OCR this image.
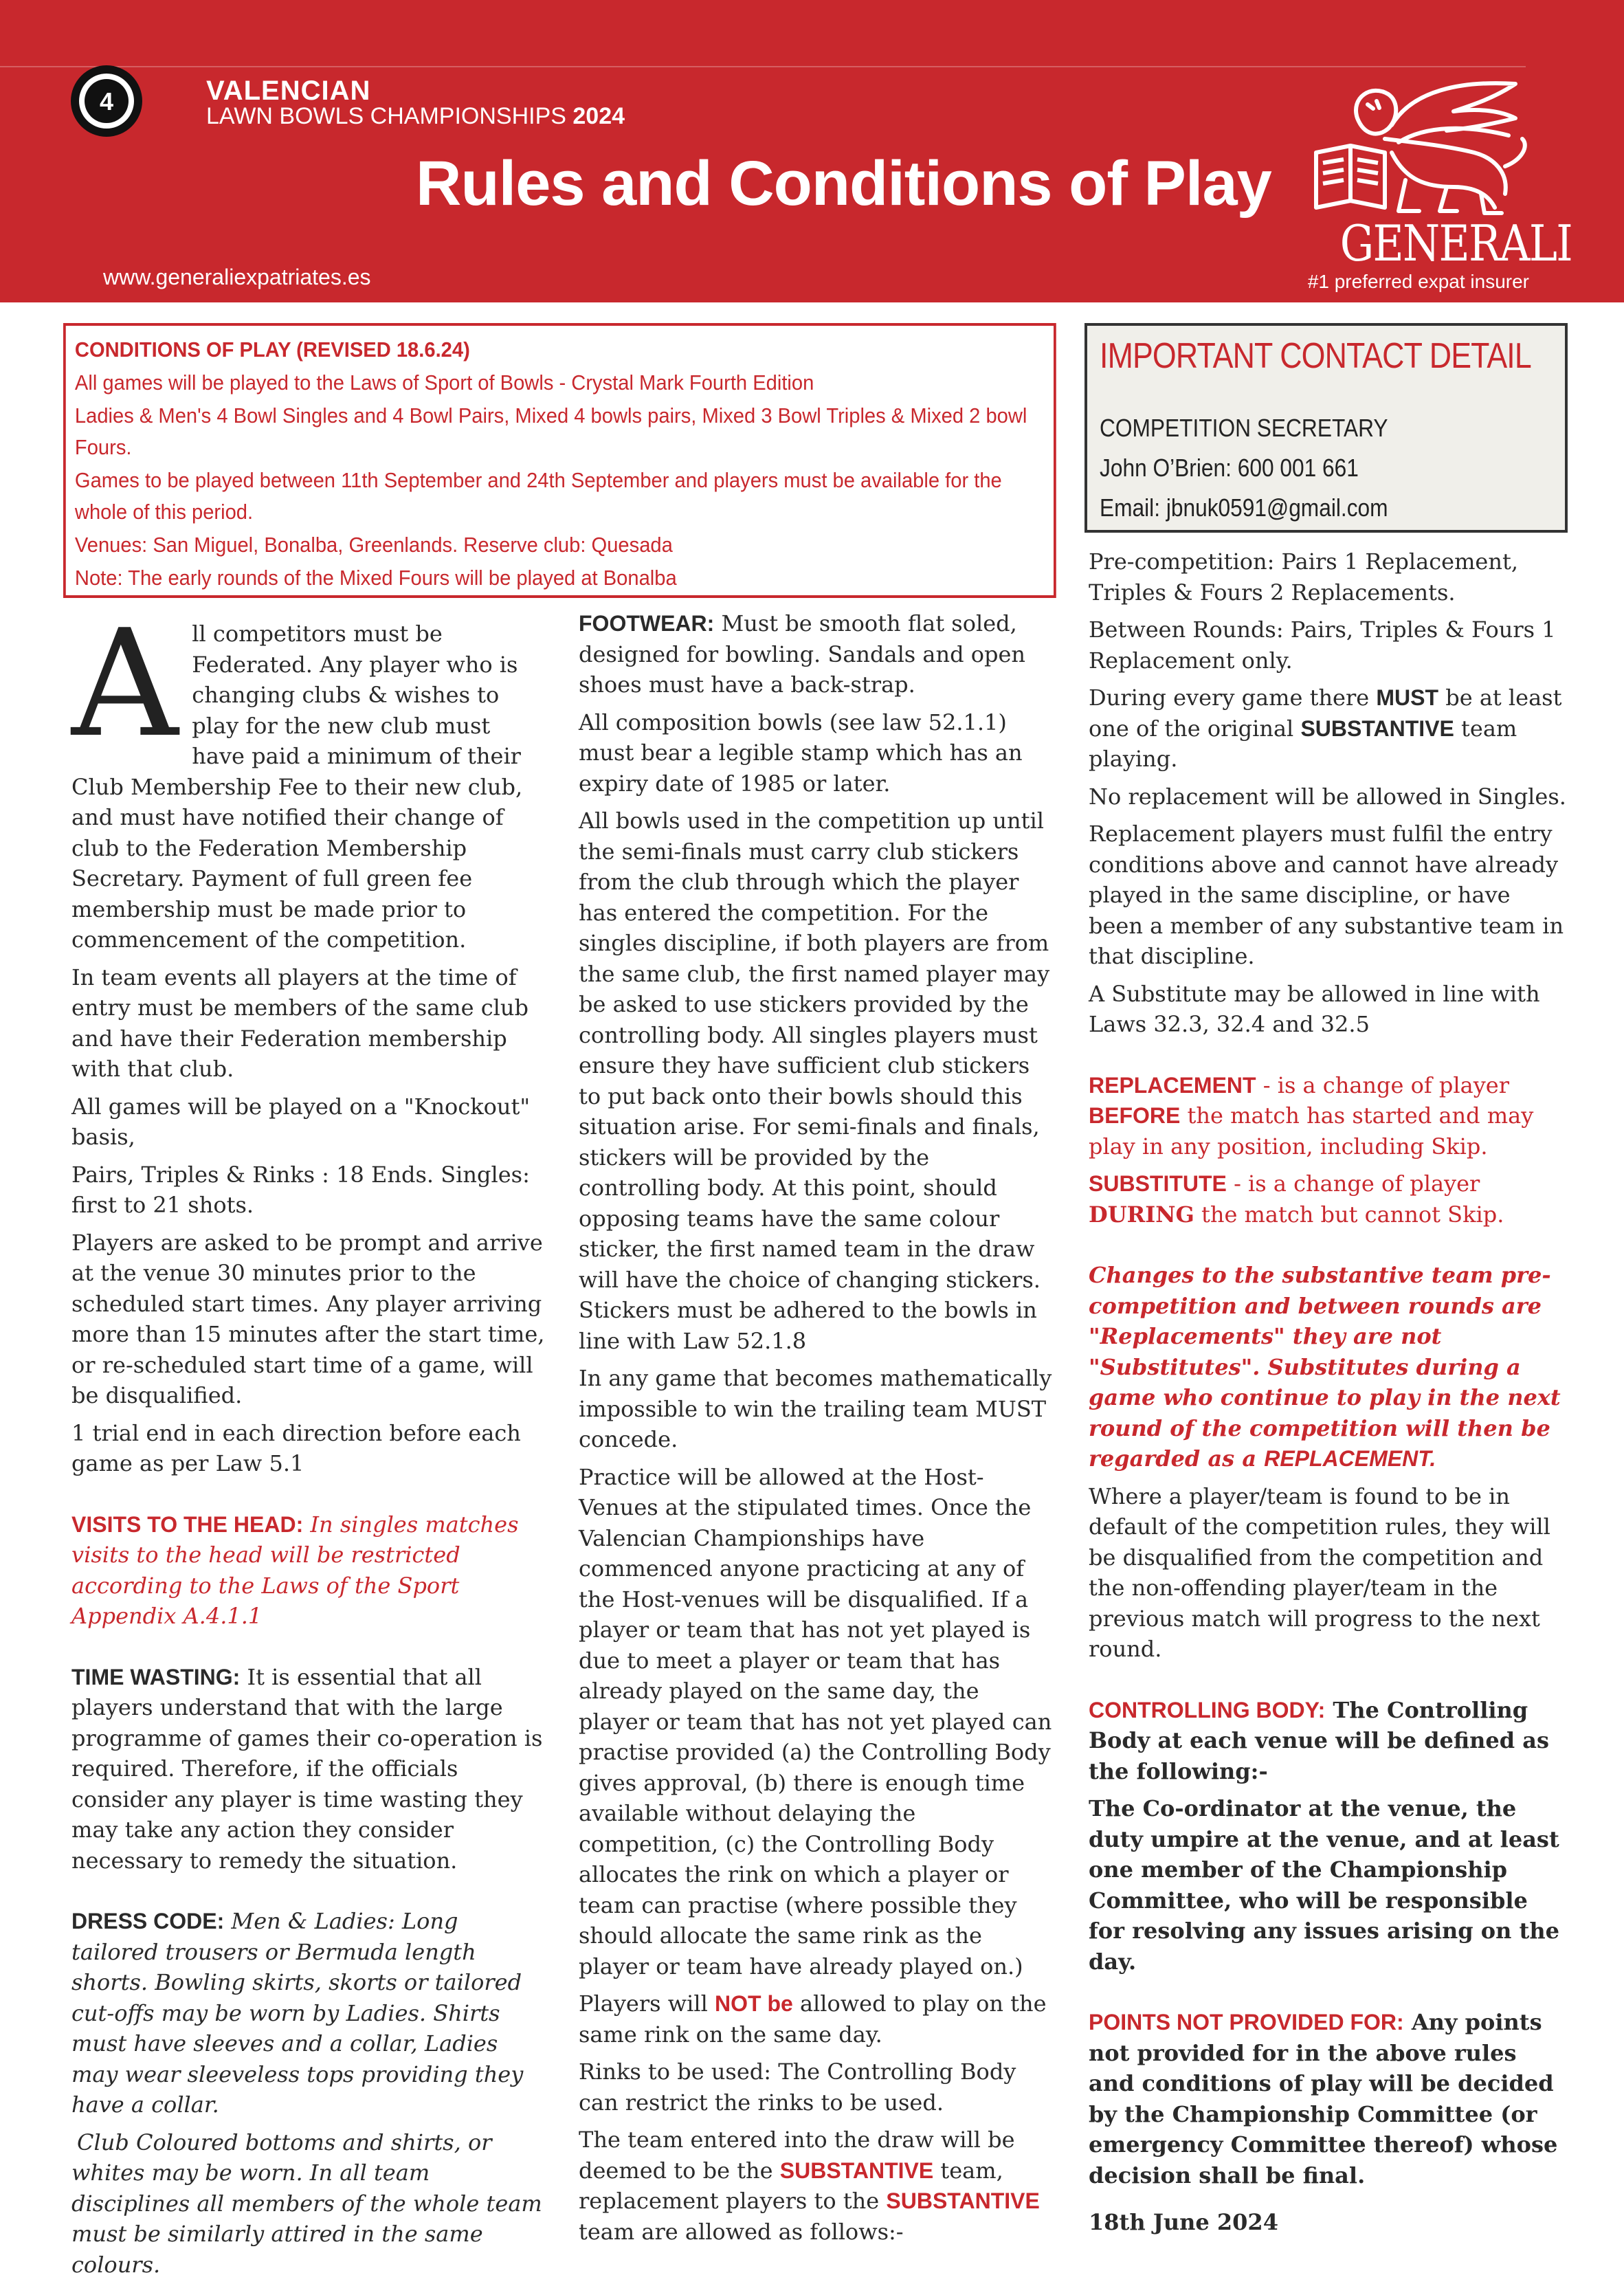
4	VALENCIAN
LAWN BOWLS CHAMPIONSHIPS 2024
Rules and Conditions of Play
www.generaliexpatriates.es
GENERALI
#1 preferred expat insurer

CONDITIONS OF PLAY (REVISED 18.6.24)

All games will be played to the Laws of Sport of Bowls - Crystal Mark Fourth Edition

Ladies & Men's 4 Bowl Singles and 4 Bowl Pairs, Mixed 4 bowls pairs, Mixed 3 Bowl Triples & Mixed 2 bowl Fours.

Games to be played between 11th September and 24th September and players must be available for the whole of this period.

Venues: San Miguel, Bonalba, Greenlands. Reserve club: Quesada

Note: The early rounds of the Mixed Fours will be played at Bonalba

IMPORTANT CONTACT DETAIL
COMPETITION SECRETARY
John O’Brien: 600 001 661
Email: jbnuk0591@gmail.com

All competitors must be Federated. Any player who is changing clubs & wishes to play for the new club must have paid a minimum of their Club Membership Fee to their new club, and must have notified their change of club to the Federation Membership Secretary. Payment of full green fee membership must be made prior to commencement of the competition.

In team events all players at the time of entry must be members of the same club and have their Federation membership with that club.

All games will be played on a "Knockout" basis,

Pairs, Triples & Rinks : 18 Ends. Singles: first to 21 shots.

Players are asked to be prompt and arrive at the venue 30 minutes prior to the scheduled start times. Any player arriving more than 15 minutes after the start time, or re-scheduled start time of a game, will be disqualified.

1 trial end in each direction before each game as per Law 5.1

VISITS TO THE HEAD: In singles matches visits to the head will be restricted according to the Laws of the Sport Appendix A.4.1.1

TIME WASTING: It is essential that all players understand that with the large programme of games their co-operation is required. Therefore, if the officials consider any player is time wasting they may take any action they consider necessary to remedy the situation.

DRESS CODE: Men & Ladies: Long tailored trousers or Bermuda length shorts. Bowling skirts, skorts or tailored cut-offs may be worn by Ladies. Shirts must have sleeves and a collar, Ladies may wear sleeveless tops providing they have a collar.

Club Coloured bottoms and shirts, or whites may be worn. In all team disciplines all members of the whole team must be similarly attired in the same colours.

FOOTWEAR: Must be smooth flat soled, designed for bowling. Sandals and open shoes must have a back-strap.

All composition bowls (see law 52.1.1) must bear a legible stamp which has an expiry date of 1985 or later.

All bowls used in the competition up until the semi-finals must carry club stickers from the club through which the player has entered the competition. For the singles discipline, if both players are from the same club, the first named player may be asked to use stickers provided by the controlling body. All singles players must ensure they have sufficient club stickers to put back onto their bowls should this situation arise. For semi-finals and finals, stickers will be provided by the controlling body. At this point, should opposing teams have the same colour sticker, the first named team in the draw will have the choice of changing stickers. Stickers must be adhered to the bowls in line with Law 52.1.8

In any game that becomes mathematically impossible to win the trailing team MUST concede.

Practice will be allowed at the Host-Venues at the stipulated times. Once the Valencian Championships have commenced anyone practicing at any of the Host-venues will be disqualified. If a player or team that has not yet played is due to meet a player or team that has already played on the same day, the player or team that has not yet played can practise provided (a) the Controlling Body gives approval, (b) there is enough time available without delaying the competition, (c) the Controlling Body allocates the rink on which a player or team can practise (where possible they should allocate the same rink as the player or team have already played on.)

Players will NOT be allowed to play on the same rink on the same day.

Rinks to be used: The Controlling Body can restrict the rinks to be used.

The team entered into the draw will be deemed to be the SUBSTANTIVE team, replacement players to the SUBSTANTIVE team are allowed as follows:-

Pre-competition: Pairs 1 Replacement, Triples & Fours 2 Replacements.

Between Rounds: Pairs, Triples & Fours 1 Replacement only.

During every game there MUST be at least one of the original SUBSTANTIVE team playing.

No replacement will be allowed in Singles.

Replacement players must fulfil the entry conditions above and cannot have already played in the same discipline, or have been a member of any substantive team in that discipline.

A Substitute may be allowed in line with Laws 32.3, 32.4 and 32.5

REPLACEMENT - is a change of player BEFORE the match has started and may play in any position, including Skip.

SUBSTITUTE - is a change of player DURING the match but cannot Skip.

Changes to the substantive team pre-competition and between rounds are "Replacements" they are not "Substitutes". Substitutes during a game who continue to play in the next round of the competition will then be regarded as a REPLACEMENT.

Where a player/team is found to be in default of the competition rules, they will be disqualified from the competition and the non-offending player/team in the previous match will progress to the next round.

CONTROLLING BODY: The Controlling Body at each venue will be defined as the following:-

The Co-ordinator at the venue, the duty umpire at the venue, and at least one member of the Championship Committee, who will be responsible for resolving any issues arising on the day.

POINTS NOT PROVIDED FOR: Any points not provided for in the above rules and conditions of play will be decided by the Championship Committee (or emergency Committee thereof) whose decision shall be final.

18th June 2024
